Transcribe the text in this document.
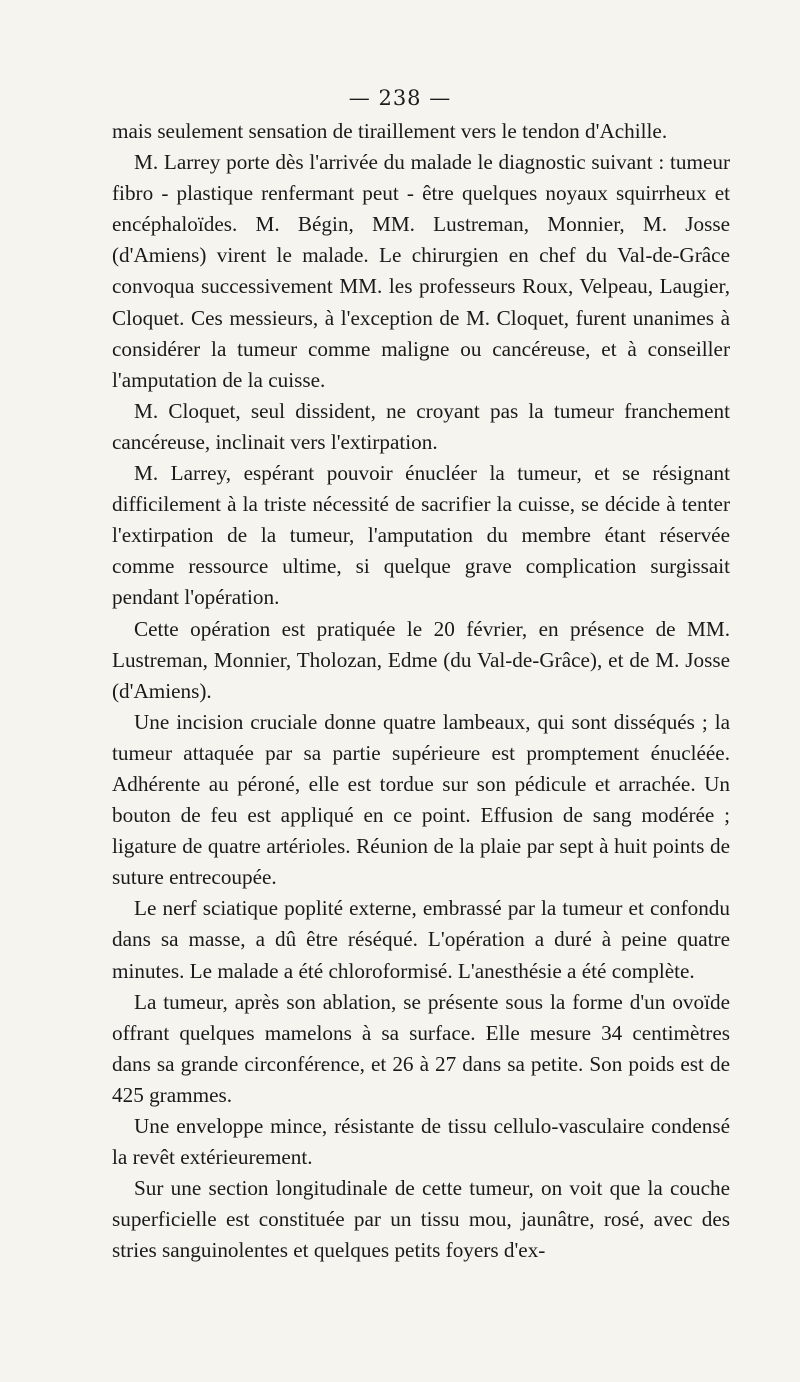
— 238 —

mais seulement sensation de tiraillement vers le tendon d'Achille.

M. Larrey porte dès l'arrivée du malade le diagnostic suivant : tumeur fibro - plastique renfermant peut - être quelques noyaux squirrheux et encéphaloïdes. M. Bégin, MM. Lustreman, Monnier, M. Josse (d'Amiens) virent le malade. Le chirurgien en chef du Val-de-Grâce convoqua successivement MM. les professeurs Roux, Velpeau, Laugier, Cloquet. Ces messieurs, à l'exception de M. Cloquet, furent unanimes à considérer la tumeur comme maligne ou cancéreuse, et à conseiller l'amputation de la cuisse.

M. Cloquet, seul dissident, ne croyant pas la tumeur franchement cancéreuse, inclinait vers l'extirpation.

M. Larrey, espérant pouvoir énucléer la tumeur, et se résignant difficilement à la triste nécessité de sacrifier la cuisse, se décide à tenter l'extirpation de la tumeur, l'amputation du membre étant réservée comme ressource ultime, si quelque grave complication surgissait pendant l'opération.

Cette opération est pratiquée le 20 février, en présence de MM. Lustreman, Monnier, Tholozan, Edme (du Val-de-Grâce), et de M. Josse (d'Amiens).

Une incision cruciale donne quatre lambeaux, qui sont disséqués ; la tumeur attaquée par sa partie supérieure est promptement énucléée. Adhérente au péroné, elle est tordue sur son pédicule et arrachée. Un bouton de feu est appliqué en ce point. Effusion de sang modérée ; ligature de quatre artérioles. Réunion de la plaie par sept à huit points de suture entrecoupée.

Le nerf sciatique poplité externe, embrassé par la tumeur et confondu dans sa masse, a dû être réséqué. L'opération a duré à peine quatre minutes. Le malade a été chloroformisé. L'anesthésie a été complète.

La tumeur, après son ablation, se présente sous la forme d'un ovoïde offrant quelques mamelons à sa surface. Elle mesure 34 centimètres dans sa grande circonférence, et 26 à 27 dans sa petite. Son poids est de 425 grammes.

Une enveloppe mince, résistante de tissu cellulo-vasculaire condensé la revêt extérieurement.

Sur une section longitudinale de cette tumeur, on voit que la couche superficielle est constituée par un tissu mou, jaunâtre, rosé, avec des stries sanguinolentes et quelques petits foyers d'ex-
